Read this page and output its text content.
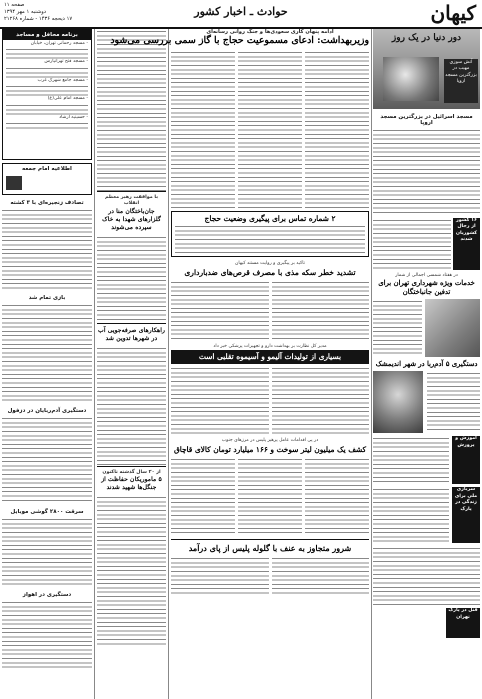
کیهان
حوادث ـ اخبار کشور
صفحه ۱۱
دوشنبه ۱ مهر ۱۳۹۴
۱۷ ذیحجه ۱۴۳۶ - شماره ۲۱۲۶۸
برنامه محافل و مساجد
- مسجد رحمانی تهران، خیابان
- مسجد فتح تهرانپارس
- مسجد جامع شهرک غرب
- مسجد امام علی(ع)
- حسینیه ارشاد
اطلاعیه امام جمعه
تصادف زنجیره‌ای با ۳ کشته
بازی تمام شد
دستگیری آدم‌ربایان در دزفول
سرقت ۲۸۰۰ گوشی موبایل
دستگیری در اهواز
با موافقت رهبر معظم انقلاب
جان‌باختگان منا در گلزارهای شهدا به خاک سپرده می‌شوند
راهکارهای صرفه‌جویی آب در شهرها تدوین شد
از ۲۰ سال گذشته تاکنون
۵ ماموریکان حفاظت از جنگل‌ها شهید شدند
ادامه پنهان کاری سعودی‌ها و جنگ روانی رسانه‌ای
وزیربهداشت: ادعای مسموعیت حجاج با گاز سمی بررسی می‌شود
۲ شماره تماس برای پیگیری وضعیت حجاج
تاکید بر پیگیری و روایت مستند کیهان
تشدید خطر سکه مذی با مصرف قرص‌های ضدبارداری
مدیر کل نظارت بر بهداشت دارو و تجهیزات پزشکی خبر داد
بسیاری از تولیدات آلیمو و آسیموه تقلبی است
در پی اقدامات عامل پرهیز پلیس در مرزهای جنوب
کشف یک میلیون لیتر سوخت و ۱۶۶ میلیارد تومان کالای قاچاق
شرور متجاوز به عنف با گلوله پلیس از پای درآمد
دور دنیا در یک روز
آتش سوزی مهیب در بزرگترین مسجد اروپا
مسجد اسرائیل در بزرگترین مسجد اروپا
۱۶ کشور از رجال کشوریان شدند
در هفتاد شمسی اجمالی از شمار
خدمات ویژه شهرداری تهران برای تدفین جانباختگان
دستگیری ۵ آدم‌ربا در شهر اندیمشک
آموزش و پرورش
سربازی ملی برای زندگی در پارک
قتل در پارک تهران
